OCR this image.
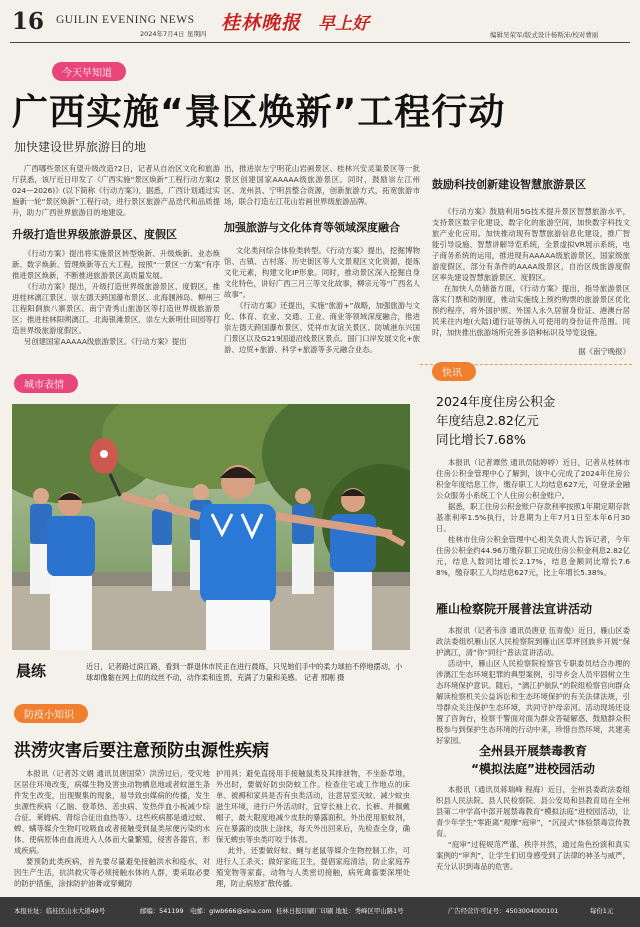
16 GUILIN EVENING NEWS
2024年7月4日 星期四 桂林晚报 早上好
编辑吴荣军/版式设计杨斯沛/校对曹丽
今天早知道
广西实施“景区焕新”工程行动
加快建设世界旅游目的地

广西哪些景区有望升级改造?2日，记者从自治区文化和旅游厅获悉，该厅近日印发了《广西实施“景区焕新”工程行动方案(2024—2026)》(以下简称《行动方案》)，据悉，广西计划通过实施新一轮“景区焕新”工程行动，进行景区旅游产品迭代和品质提升，助力广西世界旅游目的地建设。

升级打造世界级旅游景区、度假区

《行动方案》提出将实施景区转型焕新、升级焕新、业态焕新、数字焕新、管理焕新等五大工程，按照“一景区一方案”有序推进景区焕新，不断推进旅游景区高质量发展。

《行动方案》提出，升级打造世界级旅游景区、度假区，推进桂林漓江景区、崇左德天跨国瀑布景区、北海涠洲岛、柳州三江程阳侗族八寨景区、南宁青秀山旅游区等打造世界级旅游景区；推进桂林阳朔漓江、北海银滩景区、崇左大新明仕田园等打造世界级旅游度假区。

另创建国家AAAAA级旅游景区。《行动方案》提出

出，推进崇左宁明花山岩画景区、桂林兴安灵渠景区等一批景区创建国家AAAAA级旅游景区。同时，鼓励崇左江州区、龙州县、宁明县整合资源，创新旅游方式，拓宽旅游市场，联合打造左江花山岩画世界级旅游品牌。

加强旅游与文化体育等领域深度融合

文化类问综合体验类转型。《行动方案》提出，挖掘博物馆、古镇、古村落、历史街区等人文景观区文化资源，提炼文化元素，构建文化IP形象。同时，推动景区深入挖掘自身文化特色，讲好广西三月三等文化故事，柳宗元等“广西名人故事”。

《行动方案》还提出，实施“旅游+”战略，加强旅游与文化、体育、农业、交通、工业、商业等领域深度融合，推进崇左德天跨国瀑布景区、凭祥市友谊关景区、防城港东兴国门景区以及G219国道沿线景区景点、国门口岸发展文化+旅游、边贸+旅游、科学+旅游等多元融合业态。

鼓励科技创新建设智慧旅游景区

《行动方案》鼓励利用5G技术提升景区智慧旅游水平，支持景区数字化建设、数字化的旅游空间，加快数字科技文旅产业化应用。加快推动现有智慧旅游信息化建设，推广智能引导设施、智慧讲解导览系统，全景虚拟VR展示系统，电子商务系统的运用，推进现有AAAAA级旅游景区，国家级旅游度假区，部分有条件的AAAA级景区，自治区级旅游度假区率先建设智慧旅游景区、度假区。

在加快人员储备方面，《行动方案》提出，指导旅游景区落实门票和防制度，推动实施线上预约购票的旅游景区优化预约程序，将外国护照、外国人永久居留身份证、港澳台居民来往内地(大陆)通行证等纳入可使用的身份证件范围。同时，加快推出旅游场所完善多语种标识及导览设施。

据《南宁晚报》
城市表情
晨练	近日，记者路过滨江路，看到一群退休市民正在进行晨练，只见她们手中的柔力球拍不停地摆动，小球却像黏在网上似的纹丝不动，动作柔和连贯，充满了力量和美感。 记者 邢刚 摄
防疫小知识
洪涝灾害后要注意预防虫源性疾病

本报讯（记者苏文娟 通讯员唐国荣）洪涝过后，受灾地区居住环境改变，病媒生物及害虫动物栖息地或者蚊滋生条件发生改变，出现聚集的现象，易导致虫媒病的传播，发生虫源性疾病（乙脑、登革热、恙虫病、发热伴血小板减少综合征、莱姆病、肾综合征出血热等）。这些疾病都是通过蚊、蜱、螨等媒介生物叮咬吸血或者接触受到鼠类尿便污染的水体、使病原体由血液进入人体而大量繁殖，侵害各器官，形成疾病。

要预防此类疾病，首先要尽量避免接触洪水和疫水，对因生产生活，抗洪救灾等必须接触水体的人群，要采取必要的防护措施，涂抹防护油膏或穿戴防

护用具；避免直接用手接触鼠类及其排泄物，不坐卧草堆，外出时，要做好防虫防蚊工作。检查住宅或工作地点的床单、被褥和家具是否有虫类活动，注意居室灭蚊、减少蚊虫滋生环境，进行户外活动时，宜穿长袖上衣、长裤、并佩戴帽子，最大限度地减少皮肤的暴露面积。外出使用驱蚊剂，应在暴露的皮肤上涂抹，每天外出回来后，先检查全身，确保无蜱虫等虫类叮咬于体表。

此外，还要做好蚊、蝇与老鼠等媒介生物控制工作，可进行人工杀灭；做好家庭卫生，提倡家庭清洁，防止家庭养殖宠物等家畜，动物与人类密切接触，病死禽畜要深埋处理，防止病原扩散传播。

快讯
2024年度住房公积金
年度结息2.82亿元
同比增长7.68%

本报讯（记者谭然 通讯员陆婷婷）近日，记者从桂林市住房公积金管理中心了解到，该中心完成了2024年住房公积金年度结息工作，缴存职工人均结息627元，可登录金融公众服务小系统工个人住房公积金账户。

据悉，职工住房公积金账户存款利率按照1年期定期存款基准利率1.5%执行，计息期为上年7月1日至本年6月30日。

桂林市住房公积金管理中心相关负责人告诉记者，今年住房公积金约44.96万缴存职工完成住房公积金利息2.82亿元，结息人数同比增长2.17%，结息金额同比增长7.68%，缴存职工人均结息627元，比上年增长5.38%。

雁山检察院开展普法宣讲活动

本报讯（记者韦彦 通讯员唐亚 伍青俊）近日，雁山区委政法委组织雁山区人民检察院到雁山区草坪回族乡开展“保护漓江，清”你“同行”普法宣讲活动。

活动中，雁山区人民检察院检察官专职委员结合办理的涉漓江生态环境犯罪的典型案例，引导乡会人员牢固树立生态环境保护意识。随后，“漓江护航队”的院组检察官向群众解读检察机关公益诉讼和生态环境保护的有关法律法规，引导群众关注保护生态环境，共同守护母亲河。活动现场还设置了咨询台，检察干警面对面为群众答疑解惑，鼓励群众积极参与到保护生态环境的行动中来，珍惜自然环境，共建美好家园。

全州县开展禁毒教育
“模拟法庭”进校园活动

本报讯（通讯员蒋瑞峰 程海）近日，全州县委政法委组织县人民法院、县人民检察院、县公安局和县教育局在全州县第二中学高中部开展禁毒教育“模拟法庭”进校园活动，让青少年学生“零距离”观摩“庭审”，“沉浸式”体验禁毒宣传教育。

“庭审”过程规范严谨、秩序井然，通过角色扮演和真实案例的“审判”，让学生们切身感受到了法律的神圣与威严，充分认识到毒品的危害。

本报社址：临桂区山水大道49号	邮编：541199 电邮：glwb666@sina.com 桂林日报印刷厂印刷 地址：秀峰区甲山路1号	广告经营许可证号：4503004000101	每份1元
